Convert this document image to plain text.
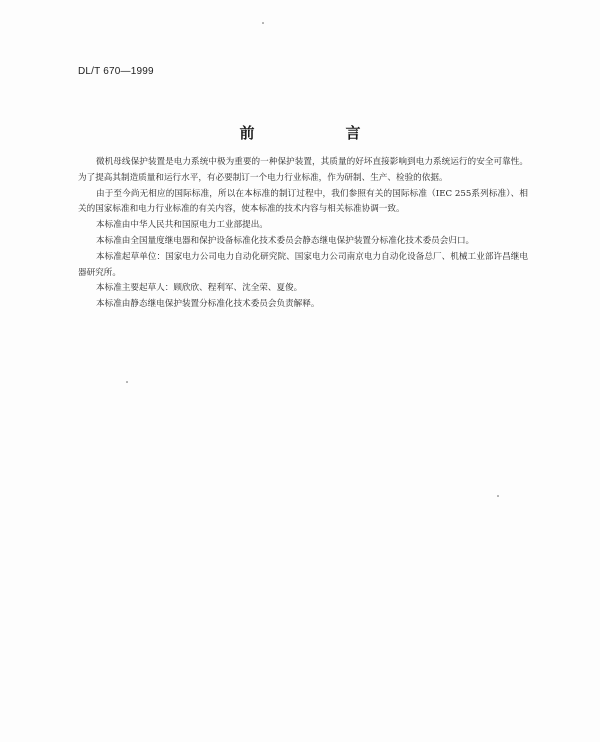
DL/T 670—1999
前　言

微机母线保护装置是电力系统中极为重要的一种保护装置，其质量的好坏直接影响到电力系统运行的安全可靠性。为了提高其制造质量和运行水平，有必要制订一个电力行业标准，作为研制、生产、检验的依据。

由于至今尚无相应的国际标准，所以在本标准的制订过程中，我们参照有关的国际标准（IEC 255系列标准）、相关的国家标准和电力行业标准的有关内容，使本标准的技术内容与相关标准协调一致。

本标准由中华人民共和国原电力工业部提出。

本标准由全国量度继电器和保护设备标准化技术委员会静态继电保护装置分标准化技术委员会归口。

本标准起草单位：国家电力公司电力自动化研究院、国家电力公司南京电力自动化设备总厂、机械工业部许昌继电器研究所。

本标准主要起草人：顾欣欣、程利军、沈全荣、夏俊。

本标准由静态继电保护装置分标准化技术委员会负责解释。
